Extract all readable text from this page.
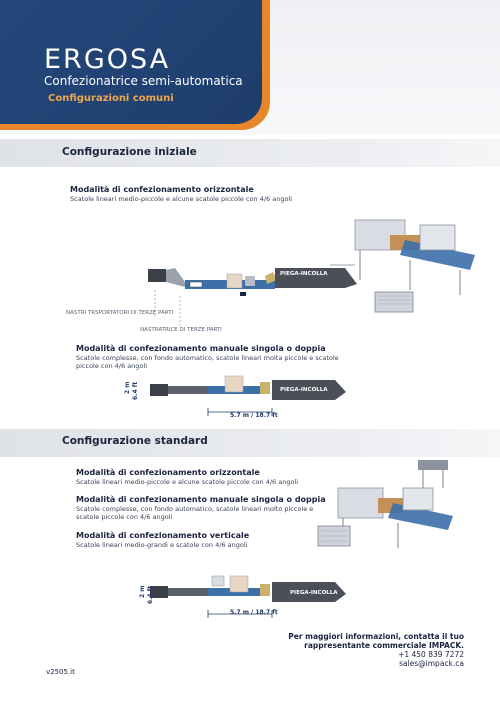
ERGOSA
Confezionatrice semi-automatica
Configurazioni comuni
Configurazione iniziale
Modalità di confezionamento orizzontale
Scatole lineari medio-piccole e alcune scatole piccole con 4/6 angoli
PIEGA-INCOLLA
NASTRI TRSPORTATORI DI TERZE PARTI
NASTRATRICE DI TERZE PARTI
Modalità di confezionamento manuale singola o doppia
Scatole complesse, con fondo automatico, scatole lineari molta piccole e scatole piccole con 4/6 angoli
PIEGA-INCOLLA
2 m 6.4 ft
5.7 m / 18.7 ft
Configurazione standard
Modalità di confezionamento orizzontale
Scatole lineari medio-piccole e alcune scatole piccole con 4/6 angoli
Modalità di confezionamento manuale singola o doppia
Scatole complesse, con fondo automatico, scatole lineari molto piccole e scatole piccole con 4/6 angoli
Modalità di confezionamento verticale
Scatole lineari medio-grandi e scatole con 4/6 angoli
PIEGA-INCOLLA
2 m 6.4 ft
5.7 m / 18.7 ft
Per maggiori informazioni, contatta il tuo
rappresentante commerciale IMPACK.
+1 450 839 7272
sales@impack.ca
v2505.it
